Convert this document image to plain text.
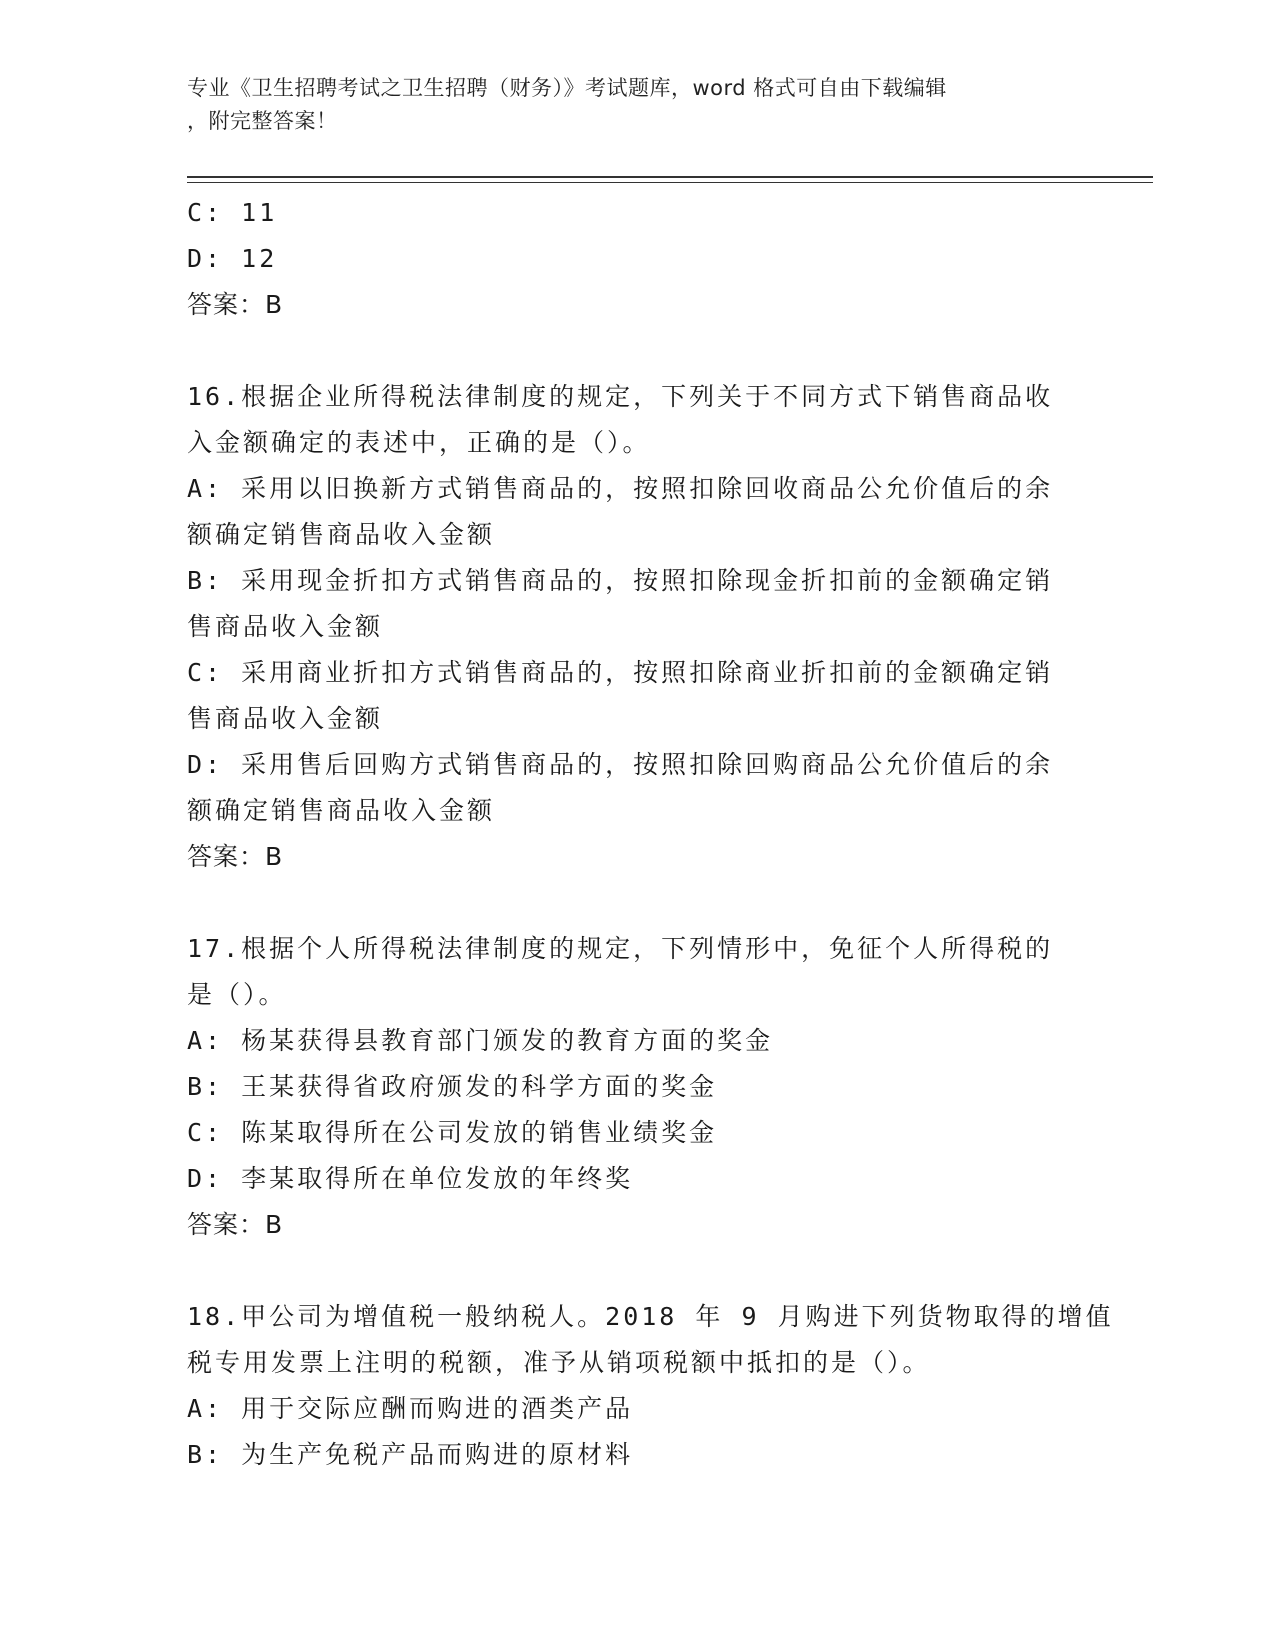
专业《卫生招聘考试之卫生招聘（财务）》考试题库，word 格式可自由下载编辑
，附完整答案！

C: 11

D: 12

答案：B

16.根据企业所得税法律制度的规定，下列关于不同方式下销售商品收

入金额确定的表述中，正确的是（）。

A: 采用以旧换新方式销售商品的，按照扣除回收商品公允价值后的余

额确定销售商品收入金额

B: 采用现金折扣方式销售商品的，按照扣除现金折扣前的金额确定销

售商品收入金额

C: 采用商业折扣方式销售商品的，按照扣除商业折扣前的金额确定销

售商品收入金额

D: 采用售后回购方式销售商品的，按照扣除回购商品公允价值后的余

额确定销售商品收入金额

答案：B

17.根据个人所得税法律制度的规定，下列情形中，免征个人所得税的

是（）。

A: 杨某获得县教育部门颁发的教育方面的奖金

B: 王某获得省政府颁发的科学方面的奖金

C: 陈某取得所在公司发放的销售业绩奖金

D: 李某取得所在单位发放的年终奖

答案：B

18.甲公司为增值税一般纳税人。2018 年 9 月购进下列货物取得的增值

税专用发票上注明的税额，准予从销项税额中抵扣的是（）。

A: 用于交际应酬而购进的酒类产品

B: 为生产免税产品而购进的原材料
